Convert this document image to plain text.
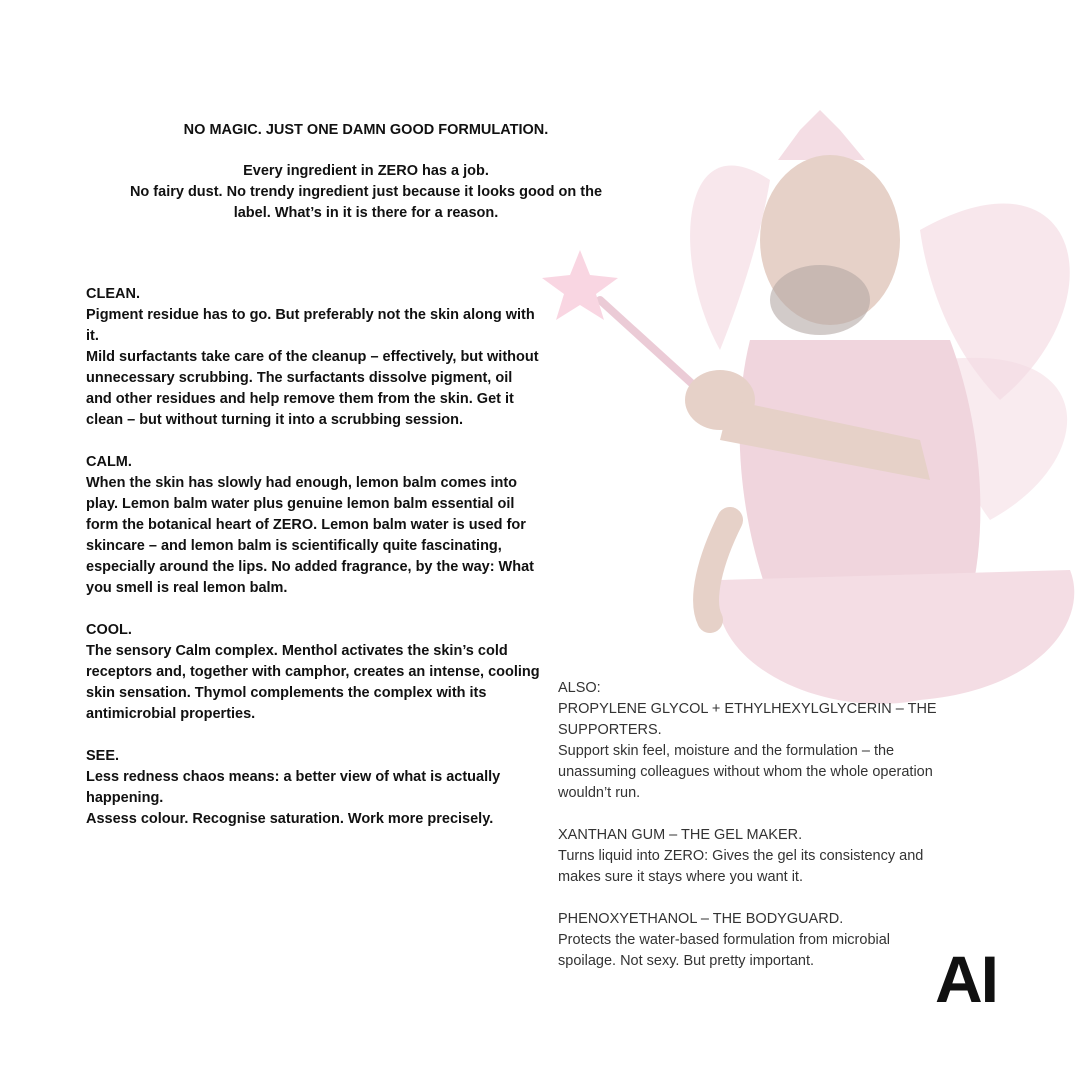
NO MAGIC. JUST ONE DAMN GOOD FORMULATION.

Every ingredient in ZERO has a job.

No fairy dust. No trendy ingredient just because it looks good on the

label. What’s in it is there for a reason.

CLEAN.

Pigment residue has to go. But preferably not the skin along with it.

Mild surfactants take care of the cleanup – effectively, but without unnecessary scrubbing. The surfactants dissolve pigment, oil and other residues and help remove them from the skin. Get it clean – but without turning it into a scrubbing session.

CALM.

When the skin has slowly had enough, lemon balm comes into play. Lemon balm water plus genuine lemon balm essential oil form the botanical heart of ZERO. Lemon balm water is used for skincare – and lemon balm is scientifically quite fascinating, especially around the lips. No added fragrance, by the way: What you smell is real lemon balm.

COOL.

The sensory Calm complex. Menthol activates the skin’s cold receptors and, together with camphor, creates an intense, cooling skin sensation. Thymol complements the complex with its antimicrobial properties.

SEE.

Less redness chaos means: a better view of what is actually happening.

Assess colour. Recognise saturation. Work more precisely.

ALSO:

PROPYLENE GLYCOL + ETHYLHEXYLGLYCERIN – THE SUPPORTERS.

Support skin feel, moisture and the formulation – the unassuming colleagues without whom the whole operation wouldn’t run.

XANTHAN GUM – THE GEL MAKER.

Turns liquid into ZERO: Gives the gel its consistency and makes sure it stays where you want it.

PHENOXYETHANOL – THE BODYGUARD.

Protects the water-based formulation from microbial spoilage. Not sexy. But pretty important.	AI
